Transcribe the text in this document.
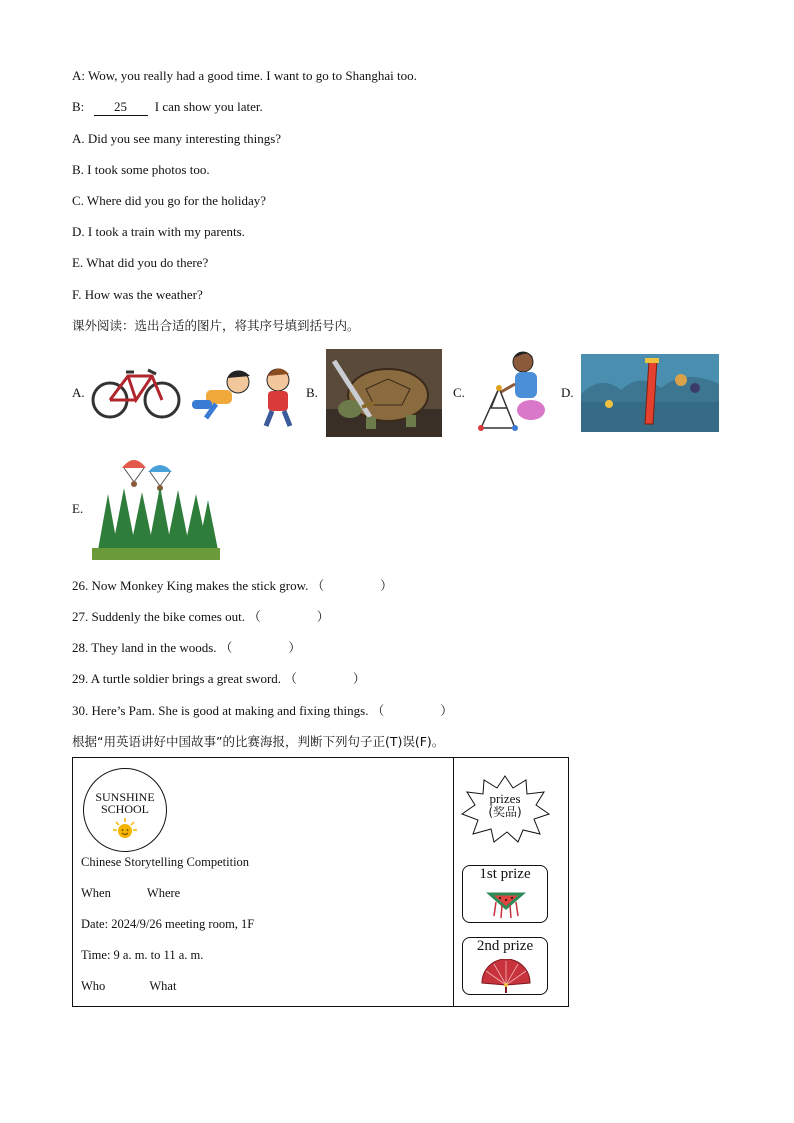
A: Wow, you really had a good time. I want to go to Shanghai too.
B: 25 I can show you later.
A. Did you see many interesting things?
B. I took some photos too.
C. Where did you go for the holiday?
D. I took a train with my parents.
E. What did you do there?
F. How was the weather?
课外阅读：选出合适的图片，将其序号填到括号内。
A.	B.	C.	D.
E.
26. Now Monkey King makes the stick grow. （	）
27. Suddenly the bike comes out. （	）
28. They land in the woods. （	）
29. A turtle soldier brings a great sword. （	）
30. Here’s Pam. She is good at making and fixing things. （	）
根据“用英语讲好中国故事”的比赛海报，判断下列句子正(T)误(F)。
SUNSHINE
SCHOOL
Chinese Storytelling Competition
When	Where
Date: 2024/9/26 meeting room, 1F
Time: 9 a. m. to 11 a. m.
Who	What
prizes
(奖品)
1st prize
2nd prize
